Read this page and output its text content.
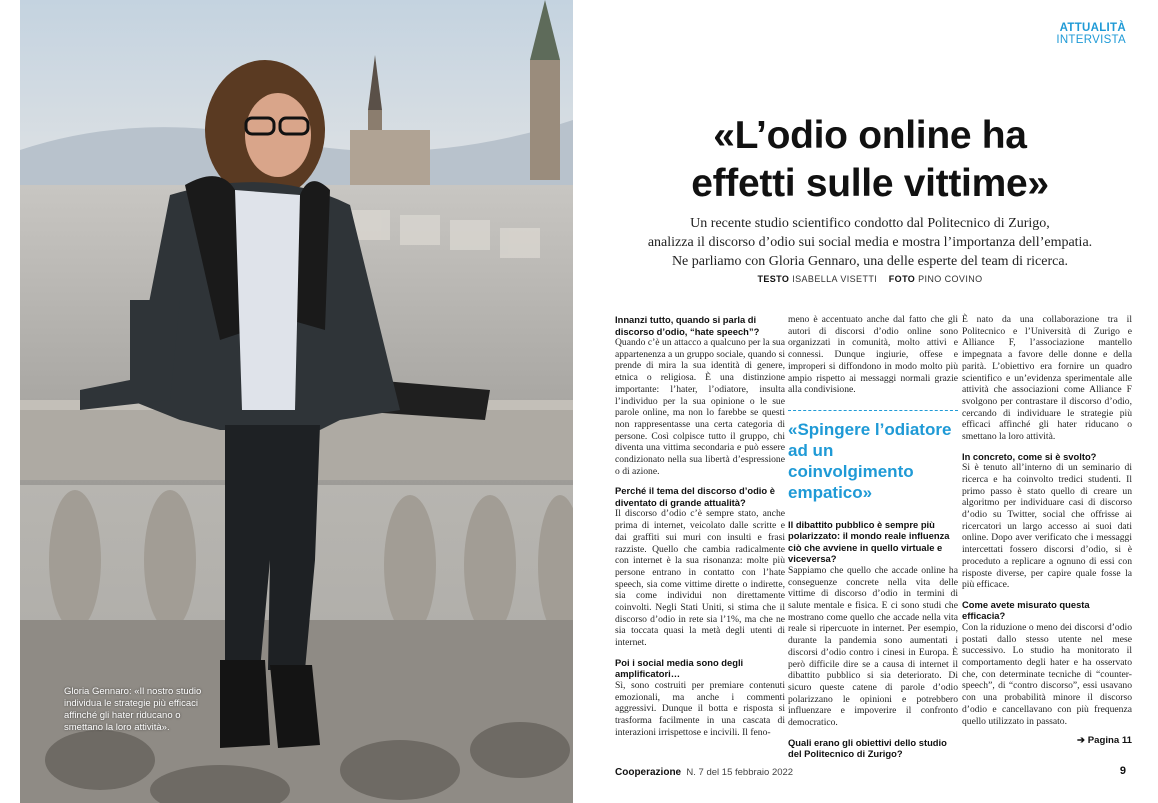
Gloria Gennaro: «Il nostro studio individua le strategie più efficaci affinché gli hater riducano o smettano la loro attività».
ATTUALITÀ
INTERVISTA
«L’odio online ha
effetti sulle vittime»
Un recente studio scientifico condotto dal Politecnico di Zurigo,
analizza il discorso d’odio sui social media e mostra l’importanza dell’empatia.
Ne parliamo con Gloria Gennaro, una delle esperte del team di ricerca.
TESTO ISABELLA VISETTI FOTO PINO COVINO

Innanzi tutto, quando si parla di discorso d’odio, “hate speech”?
Quando c’è un attacco a qualcuno per la sua appartenenza a un gruppo sociale, quando si prende di mira la sua identità di genere, etnica o religiosa. È una distinzione importante: l’hater, l’odiatore, insulta l’individuo per la sua opinione o le sue parole online, ma non lo farebbe se questi non rappresentasse una certa categoria di persone. Così colpisce tutto il gruppo, chi diventa una vittima secondaria e può essere condizionato nella sua libertà d’espressione o di azione.

Perché il tema del discorso d’odio è diventato di grande attualità?
Il discorso d’odio c’è sempre stato, anche prima di internet, veicolato dalle scritte e dai graffiti sui muri con insulti e frasi razziste. Quello che cambia radicalmente con internet è la sua risonanza: molte più persone entrano in contatto con l’hate speech, sia come vittime dirette o indirette, sia come individui non direttamente coinvolti. Negli Stati Uniti, si stima che il discorso d’odio in rete sia l’1%, ma che ne sia toccata quasi la metà degli utenti di internet.

Poi i social media sono degli amplificatori…
Sì, sono costruiti per premiare contenuti emozionali, ma anche i commenti aggressivi. Dunque il botta e risposta si trasforma facilmente in una cascata di interazioni irrispettose e incivili. Il feno-

meno è accentuato anche dal fatto che gli autori di discorsi d’odio online sono organizzati in comunità, molto attivi e connessi. Dunque ingiurie, offese e improperi si diffondono in modo molto più ampio rispetto ai messaggi normali grazie alla condivisione.

«Spingere l’odiatore ad un coinvolgimento empatico»

Il dibattito pubblico è sempre più polarizzato: il mondo reale influenza ciò che avviene in quello virtuale e viceversa?
Sappiamo che quello che accade online ha conseguenze concrete nella vita delle vittime di discorso d’odio in termini di salute mentale e fisica. E ci sono studi che mostrano come quello che accade nella vita reale si ripercuote in internet. Per esempio, durante la pandemia sono aumentati i discorsi d’odio contro i cinesi in Europa. È però difficile dire se a causa di internet il dibattito pubblico si sia deteriorato. Di sicuro queste catene di parole d’odio polarizzano le opinioni e potrebbero influenzare e impoverire il confronto democratico.

Quali erano gli obiettivi dello studio del Politecnico di Zurigo?

È nato da una collaborazione tra il Politecnico e l’Università di Zurigo e Alliance F, l’associazione mantello impegnata a favore delle donne e della parità. L’obiettivo era fornire un quadro scientifico e un’evidenza sperimentale alle attività che associazioni come Alliance F svolgono per contrastare il discorso d’odio, cercando di individuare le strategie più efficaci affinché gli hater riducano o smettano la loro attività.

In concreto, come si è svolto?
Si è tenuto all’interno di un seminario di ricerca e ha coinvolto tredici studenti. Il primo passo è stato quello di creare un algoritmo per individuare casi di discorso d’odio su Twitter, social che offrisse ai ricercatori un largo accesso ai suoi dati online. Dopo aver verificato che i messaggi intercettati fossero discorsi d’odio, si è proceduto a replicare a ognuno di essi con risposte diverse, per capire quale fosse la più efficace.

Come avete misurato questa efficacia?
Con la riduzione o meno dei discorsi d’odio postati dallo stesso utente nel mese successivo. Lo studio ha monitorato il comportamento degli hater e ha osservato che, con determinate tecniche di “counter-speech”, di “contro discorso”, essi usavano con una probabilità minore il discorso d’odio e cancellavano con più frequenza quello utilizzato in passato.

➔ Pagina 11
Cooperazione N. 7 del 15 febbraio 2022	9
